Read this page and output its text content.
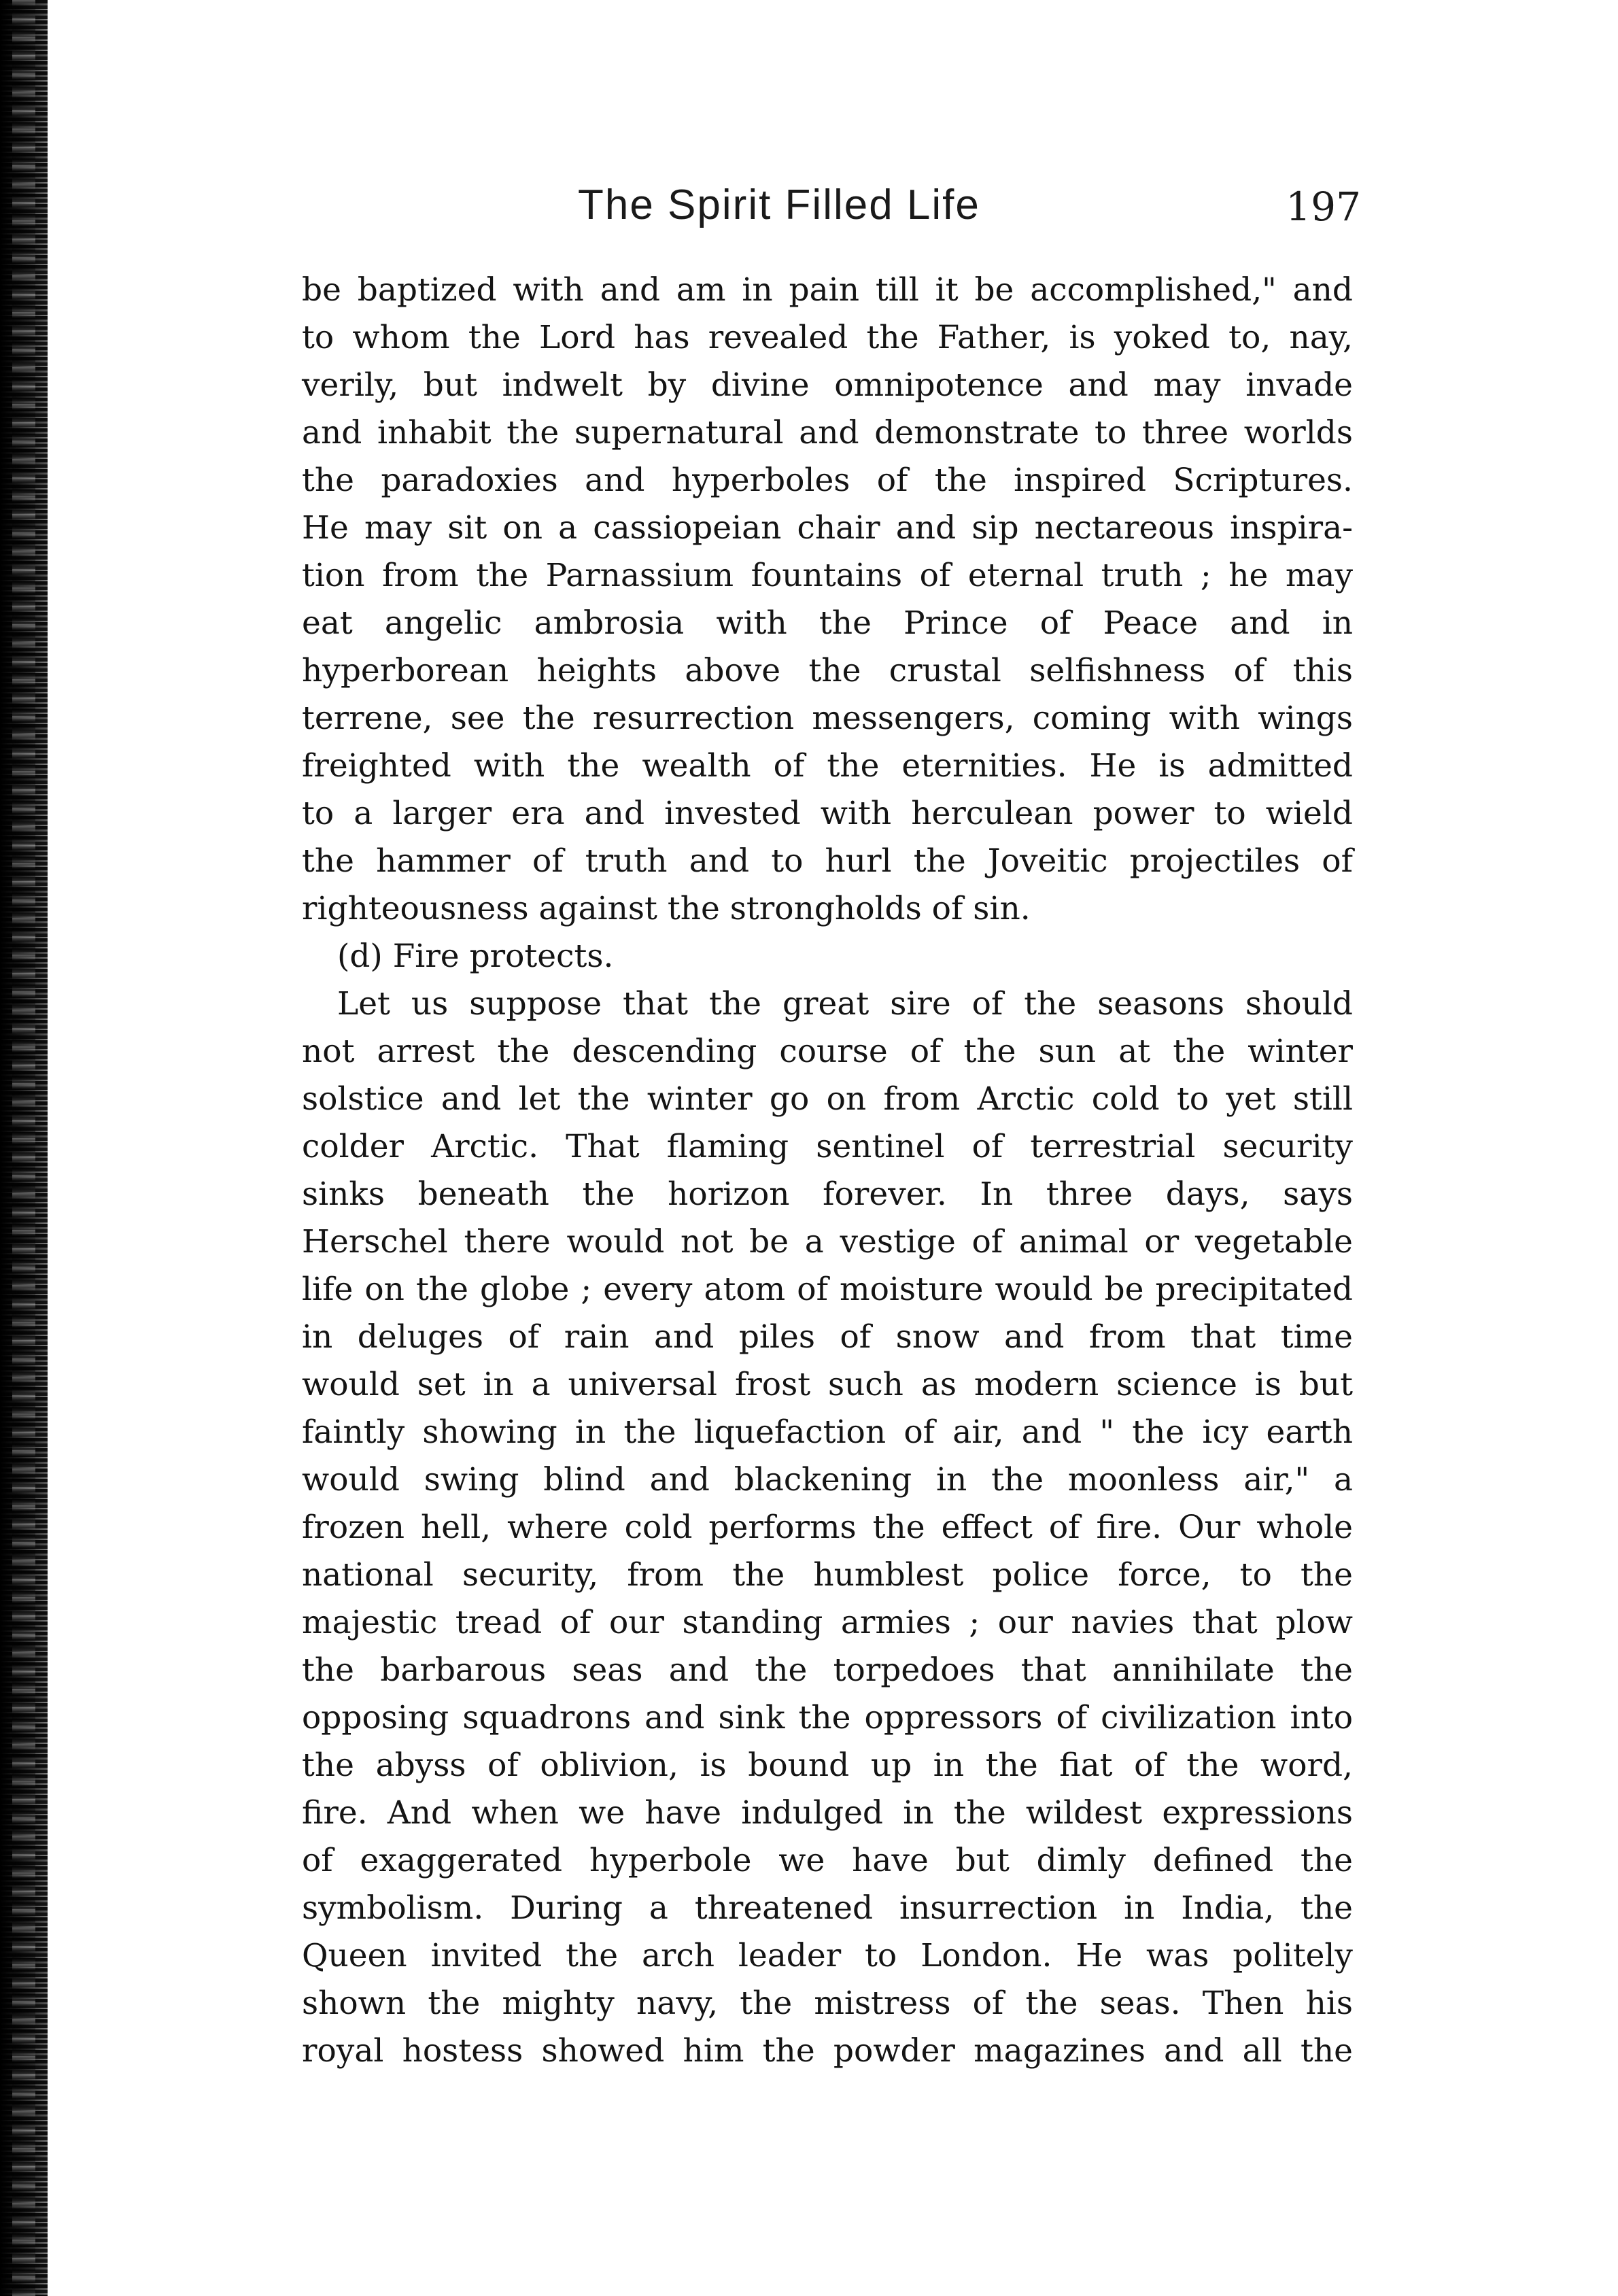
The Spirit Filled Life	197
be baptized with and am in pain till it be accomplished," and
to whom the Lord has revealed the Father, is yoked to, nay,
verily, but indwelt by divine omnipotence and may invade
and inhabit the supernatural and demonstrate to three worlds
the paradoxies and hyperboles of the inspired Scriptures.
He may sit on a cassiopeian chair and sip nectareous inspira-
tion from the Parnassium fountains of eternal truth ; he may
eat angelic ambrosia with the Prince of Peace and in
hyperborean heights above the crustal selfishness of this
terrene, see the resurrection messengers, coming with wings
freighted with the wealth of the eternities. He is admitted
to a larger era and invested with herculean power to wield
the hammer of truth and to hurl the Joveitic projectiles of
righteousness against the strongholds of sin.
(d) Fire protects.
Let us suppose that the great sire of the seasons should
not arrest the descending course of the sun at the winter
solstice and let the winter go on from Arctic cold to yet still
colder Arctic. That flaming sentinel of terrestrial security
sinks beneath the horizon forever. In three days, says
Herschel there would not be a vestige of animal or vegetable
life on the globe ; every atom of moisture would be precipitated
in deluges of rain and piles of snow and from that time
would set in a universal frost such as modern science is but
faintly showing in the liquefaction of air, and " the icy earth
would swing blind and blackening in the moonless air," a
frozen hell, where cold performs the effect of fire. Our whole
national security, from the humblest police force, to the
majestic tread of our standing armies ; our navies that plow
the barbarous seas and the torpedoes that annihilate the
opposing squadrons and sink the oppressors of civilization into
the abyss of oblivion, is bound up in the fiat of the word,
fire. And when we have indulged in the wildest expressions
of exaggerated hyperbole we have but dimly defined the
symbolism. During a threatened insurrection in India, the
Queen invited the arch leader to London. He was politely
shown the mighty navy, the mistress of the seas. Then his
royal hostess showed him the powder magazines and all the
